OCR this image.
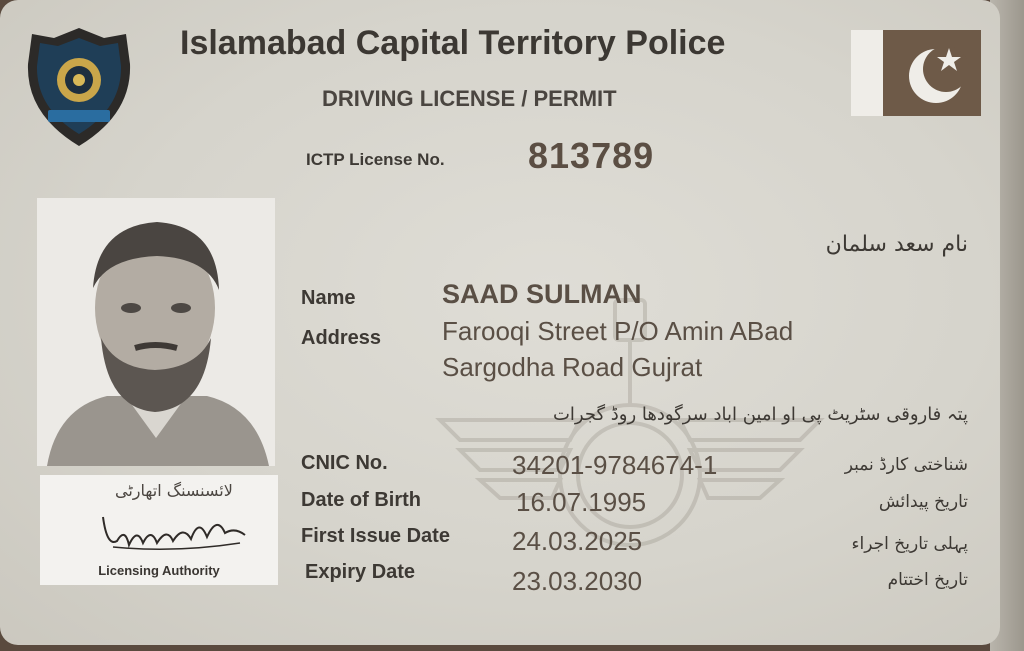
Islamabad Capital Territory Police
DRIVING LICENSE / PERMIT
ICTP License No. 813789
لائسنسنگ اتھارٹی
Licensing Authority
نام سعد سلمان
Name	SAAD SULMAN
Address Farooqi Street P/O Amin ABad
Sargodha Road Gujrat
پتہ فاروقی سٹریٹ پی او امین اباد سرگودھا روڈ گجرات
CNIC No.	34201-9784674-1	شناختی کارڈ نمبر
Date of Birth	16.07.1995	تاریخ پیدائش
First Issue Date 24.03.2025	پہلی تاریخ اجراء
Expiry Date	23.03.2030	تاریخ اختتام
